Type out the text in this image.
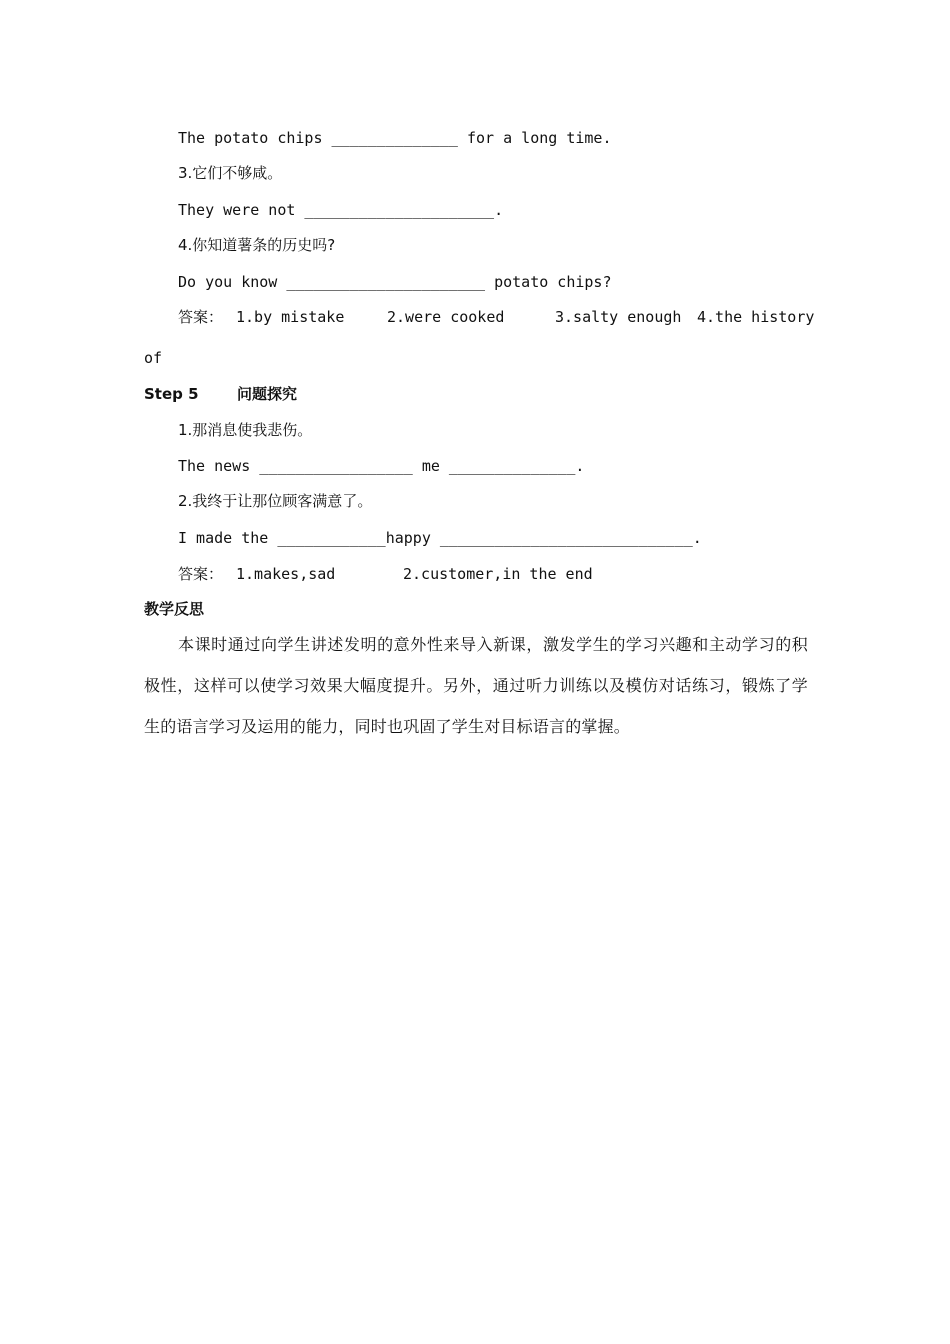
The potato chips ______________ for a long time.
3.它们不够咸。
They were not _____________________.
4.你知道薯条的历史吗?
Do you know ______________________ potato chips?
答案： 1.by mistake	2.were cooked	3.salty enough 4.the history
of
Step 5	问题探究
1.那消息使我悲伤。
The news _________________ me ______________.
2.我终于让那位顾客满意了。
I made the ____________happy ____________________________.
答案： 1.makes,sad	2.customer,in the end
教学反思
本课时通过向学生讲述发明的意外性来导入新课，激发学生的学习兴趣和主动学习的积极性，这样可以使学习效果大幅度提升。另外，通过听力训练以及模仿对话练习，锻炼了学生的语言学习及运用的能力，同时也巩固了学生对目标语言的掌握。
